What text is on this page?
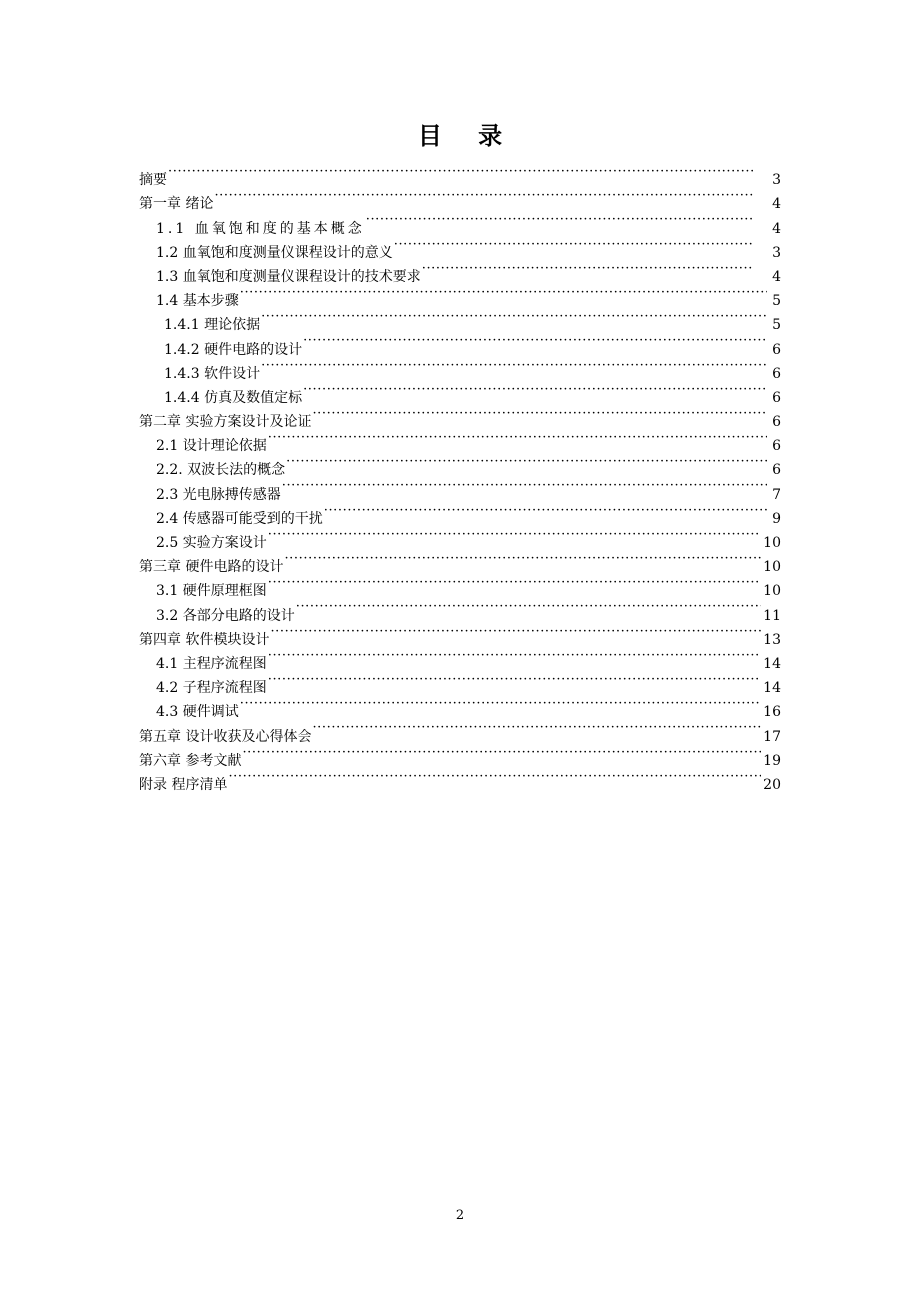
目 录
摘要 ·····	3
第一章 绪论 ·····	4
1.1 血氧饱和度的基本概念 ·····	4
1.2 血氧饱和度测量仪课程设计的意义 ·····	3
1.3 血氧饱和度测量仪课程设计的技术要求 ·····	4
1.4 基本步骤 ·····	5
1.4.1 理论依据 ·····	5
1.4.2 硬件电路的设计 ·····	6
1.4.3 软件设计 ·····	6
1.4.4 仿真及数值定标 ·····	6
第二章 实验方案设计及论证 ·····	6
2.1 设计理论依据 ·····	6
2.2. 双波长法的概念 ·····	6
2.3 光电脉搏传感器 ·····	7
2.4 传感器可能受到的干扰 ·····	9
2.5 实验方案设计 ·····	10
第三章 硬件电路的设计 ·····	10
3.1 硬件原理框图 ·····	10
3.2 各部分电路的设计 ·····	11
第四章 软件模块设计 ·····	13
4.1 主程序流程图 ·····	14
4.2 子程序流程图 ·····	14
4.3 硬件调试 ·····	16
第五章 设计收获及心得体会 ·····	17
第六章 参考文献 ·····	19
附录 程序清单 ·····	20
2
